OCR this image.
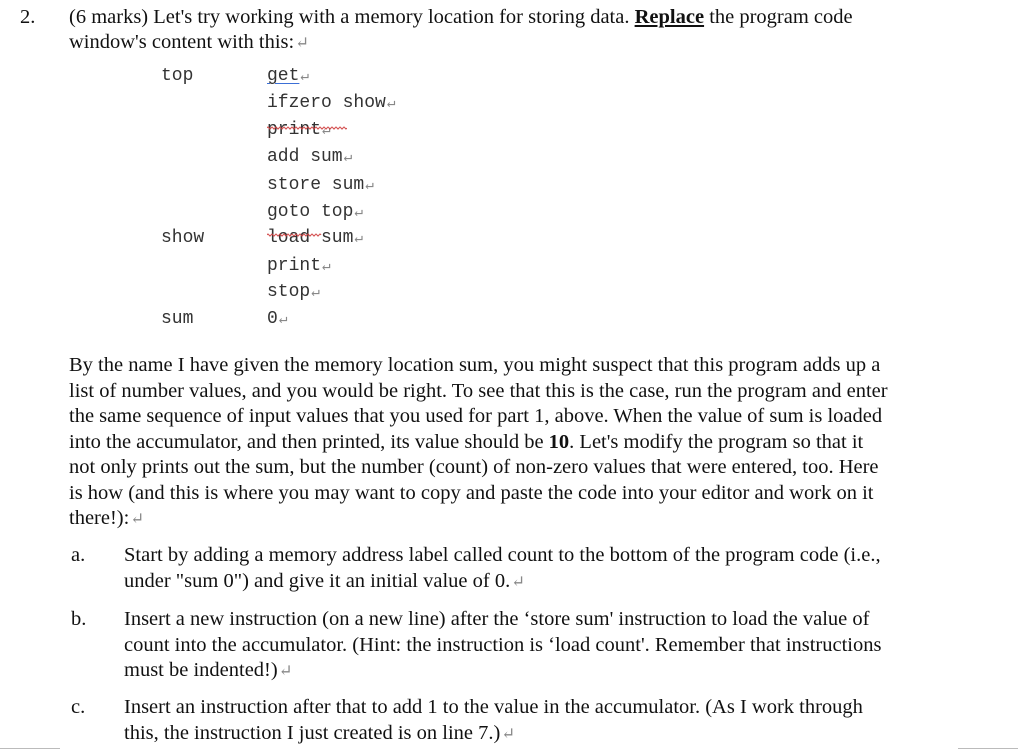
2. (6 marks) Let's try working with a memory location for storing data. Replace the program code
window's content with this: ↵
top	get ↵
ifzero show ↵
print ↵
add sum ↵
store sum ↵
goto top ↵
show	load sum ↵
print ↵
stop ↵
sum	0 ↵
By the name I have given the memory location sum, you might suspect that this program adds up a
list of number values, and you would be right. To see that this is the case, run the program and enter
the same sequence of input values that you used for part 1, above. When the value of sum is loaded
into the accumulator, and then printed, its value should be 10. Let's modify the program so that it
not only prints out the sum, but the number (count) of non-zero values that were entered, too. Here
is how (and this is where you may want to copy and paste the code into your editor and work on it
there!): ↵
a. Start by adding a memory address label called count to the bottom of the program code (i.e.,
under "sum 0") and give it an initial value of 0. ↵
b. Insert a new instruction (on a new line) after the ‘store sum' instruction to load the value of
count into the accumulator. (Hint: the instruction is ‘load count'. Remember that instructions
must be indented!) ↵
c. Insert an instruction after that to add 1 to the value in the accumulator. (As I work through
this, the instruction I just created is on line 7.) ↵
